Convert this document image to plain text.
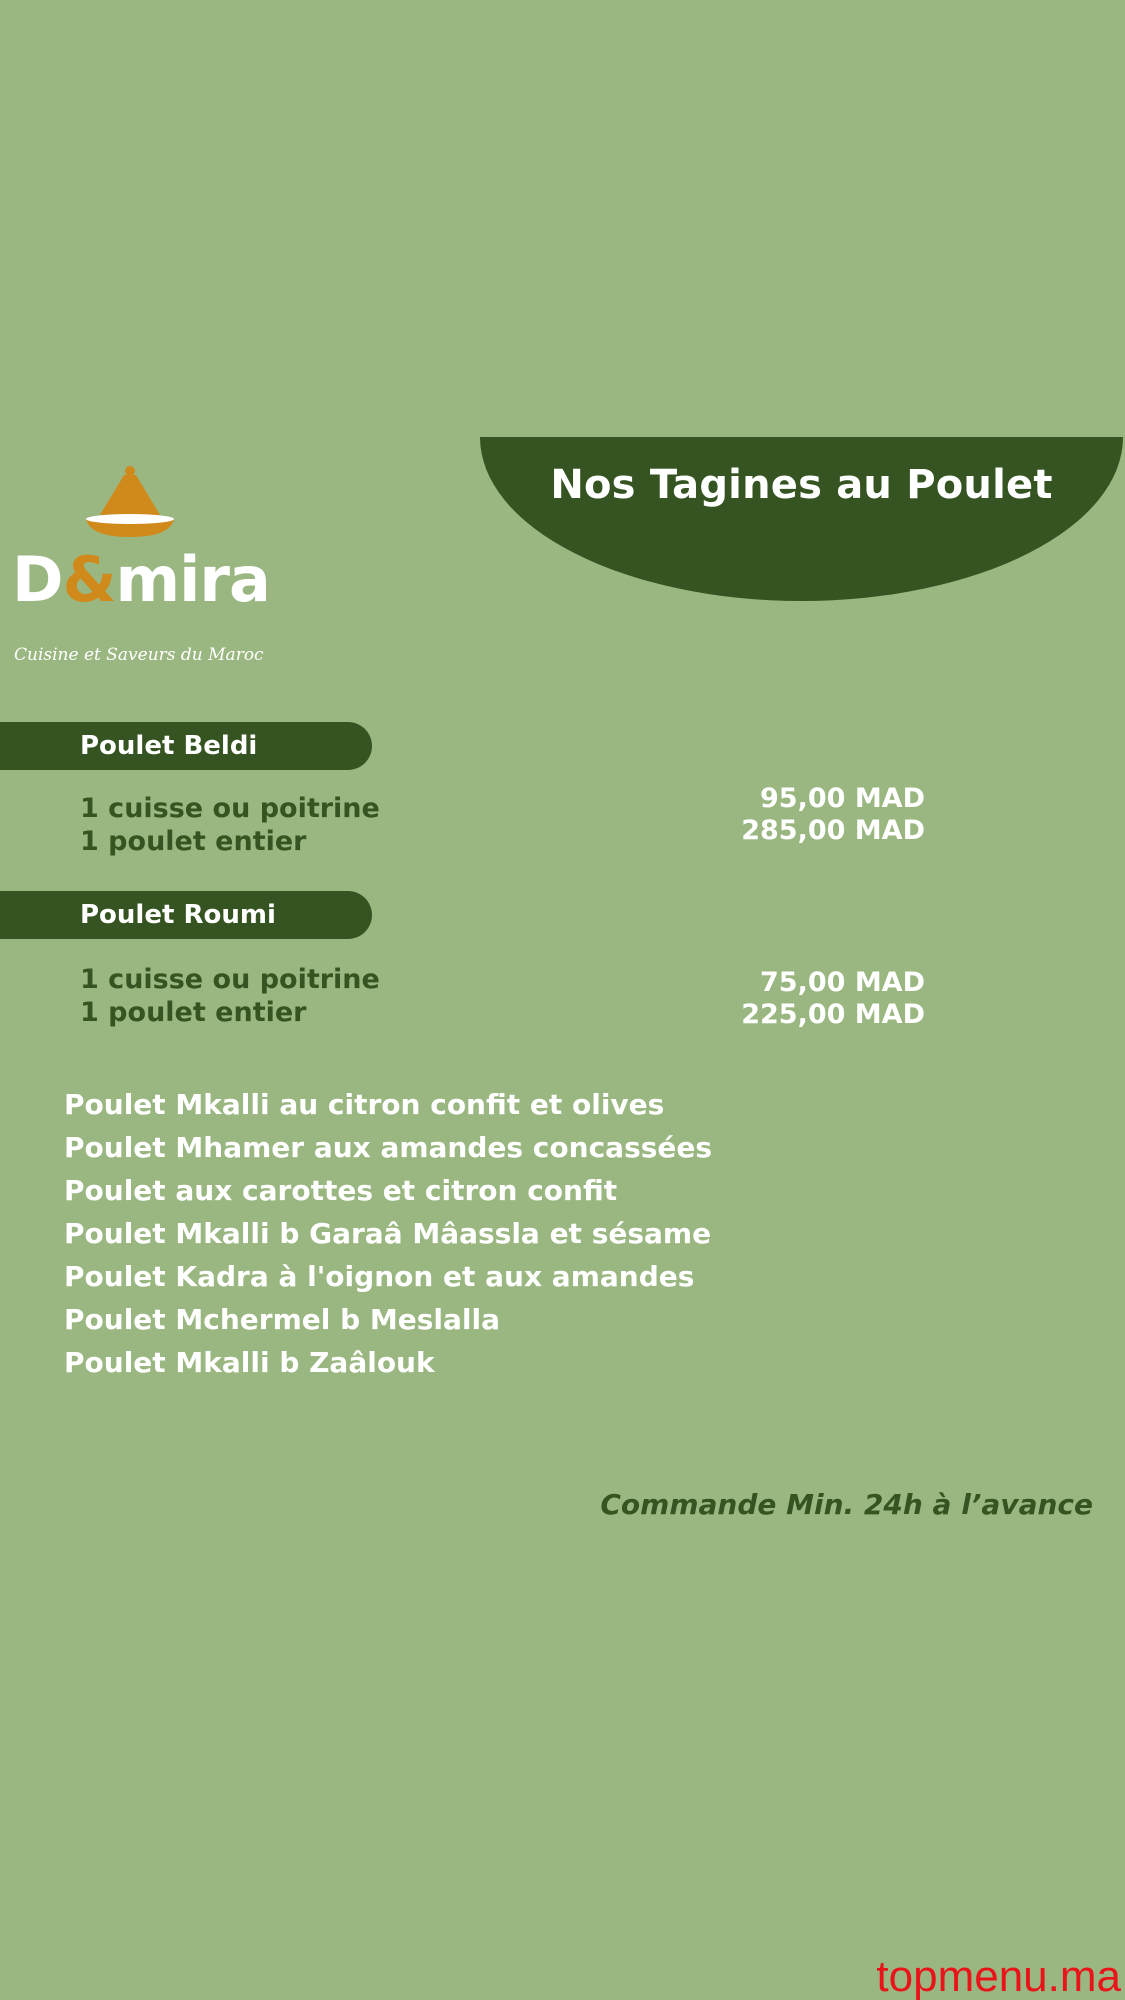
Nos Tagines au Poulet
D&mira
Cuisine et Saveurs du Maroc
Poulet Beldi
1 cuisse ou poitrine
1 poulet entier
95,00 MAD
285,00 MAD
Poulet Roumi
1 cuisse ou poitrine
1 poulet entier
75,00 MAD
225,00 MAD
Poulet Mkalli au citron confit et olives
Poulet Mhamer aux amandes concassées
Poulet aux carottes et citron confit
Poulet Mkalli b Garaâ Mâassla et sésame
Poulet Kadra à l'oignon et aux amandes
Poulet Mchermel b Meslalla
Poulet Mkalli b Zaâlouk
Commande Min. 24h à l’avance
topmenu.ma
